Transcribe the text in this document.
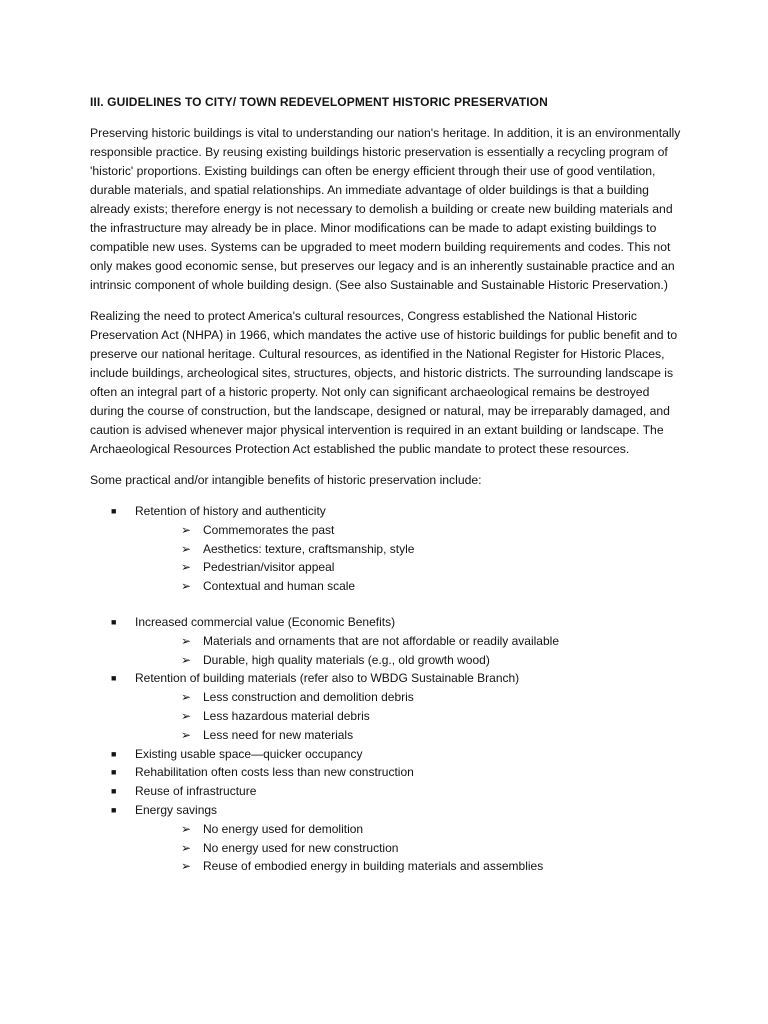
III. GUIDELINES TO CITY/ TOWN REDEVELOPMENT HISTORIC PRESERVATION

Preserving historic buildings is vital to understanding our nation's heritage. In addition, it is an environmentally responsible practice. By reusing existing buildings historic preservation is essentially a recycling program of 'historic' proportions. Existing buildings can often be energy efficient through their use of good ventilation, durable materials, and spatial relationships. An immediate advantage of older buildings is that a building already exists; therefore energy is not necessary to demolish a building or create new building materials and the infrastructure may already be in place. Minor modifications can be made to adapt existing buildings to compatible new uses. Systems can be upgraded to meet modern building requirements and codes. This not only makes good economic sense, but preserves our legacy and is an inherently sustainable practice and an intrinsic component of whole building design. (See also Sustainable and Sustainable Historic Preservation.)

Realizing the need to protect America's cultural resources, Congress established the National Historic Preservation Act (NHPA) in 1966, which mandates the active use of historic buildings for public benefit and to preserve our national heritage. Cultural resources, as identified in the National Register for Historic Places, include buildings, archeological sites, structures, objects, and historic districts. The surrounding landscape is often an integral part of a historic property. Not only can significant archaeological remains be destroyed during the course of construction, but the landscape, designed or natural, may be irreparably damaged, and caution is advised whenever major physical intervention is required in an extant building or landscape. The Archaeological Resources Protection Act established the public mandate to protect these resources.

Some practical and/or intangible benefits of historic preservation include:

■ Retention of history and authenticity
➢ Commemorates the past
➢ Aesthetics: texture, craftsmanship, style
➢ Pedestrian/visitor appeal
➢ Contextual and human scale
■ Increased commercial value (Economic Benefits)
➢ Materials and ornaments that are not affordable or readily available
➢ Durable, high quality materials (e.g., old growth wood)
■ Retention of building materials (refer also to WBDG Sustainable Branch)
➢ Less construction and demolition debris
➢ Less hazardous material debris
➢ Less need for new materials
■ Existing usable space—quicker occupancy
■ Rehabilitation often costs less than new construction
■ Reuse of infrastructure
■ Energy savings
➢ No energy used for demolition
➢ No energy used for new construction
➢ Reuse of embodied energy in building materials and assemblies
